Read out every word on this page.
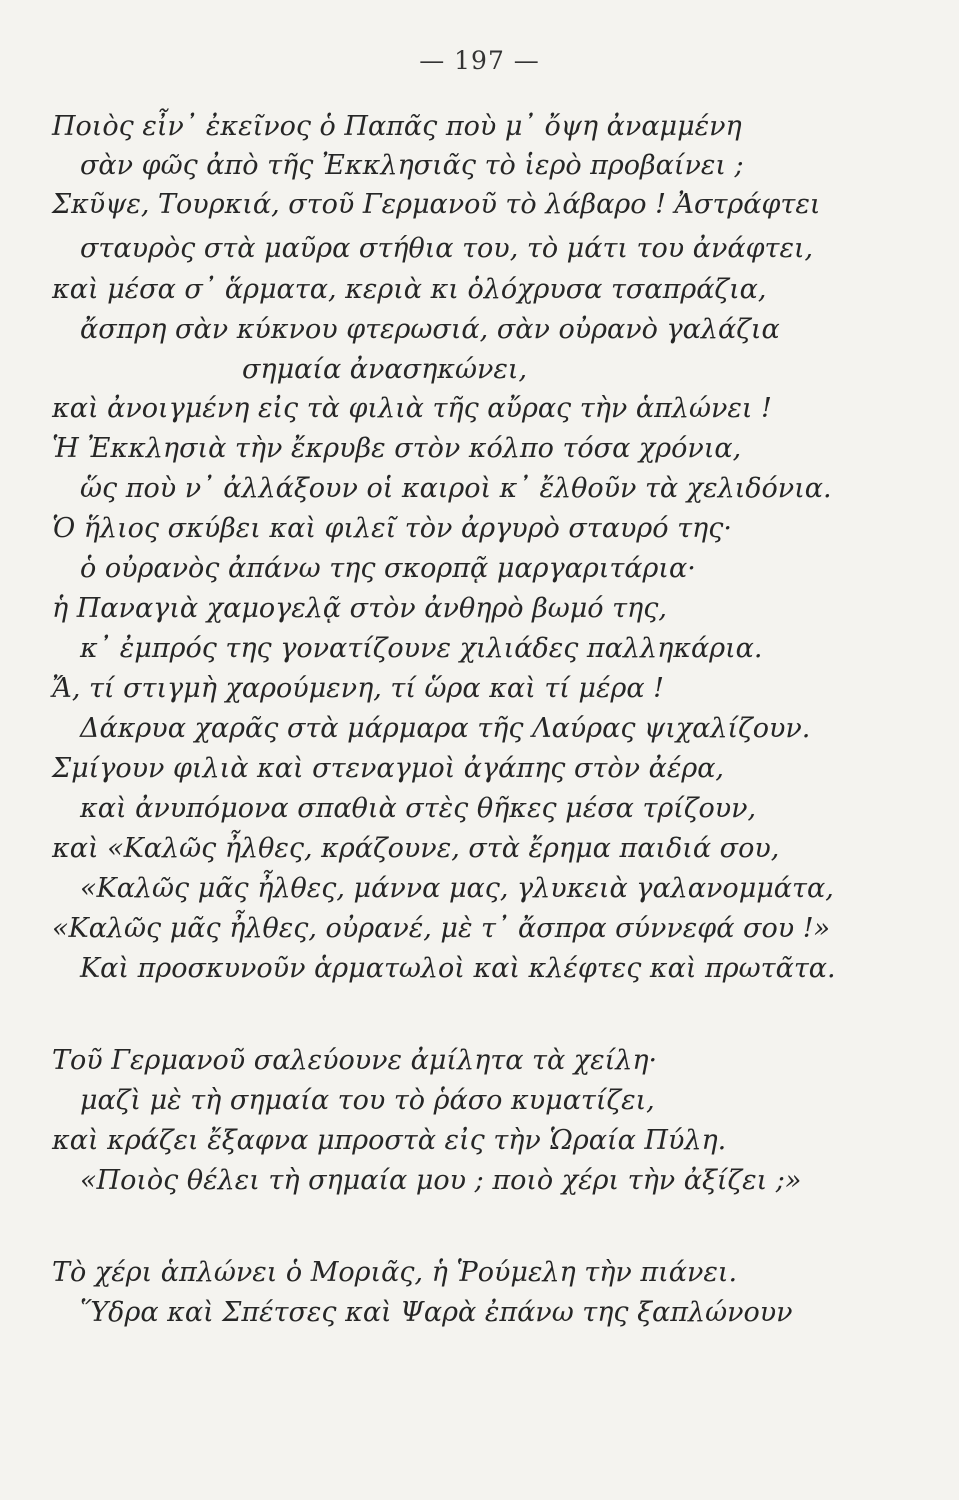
— 197 —
Ποιὸς εἶν᾽ ἐκεῖνος ὁ Παπᾶς ποὺ μ᾽ ὄψη ἀναμμένη
σὰν φῶς ἀπὸ τῆς Ἐκκλησιᾶς τὸ ἱερὸ προβαίνει ;
Σκῦψε, Τουρκιά, στοῦ Γερμανοῦ τὸ λάβαρο ! Ἀστράφτει
σταυρὸς στὰ μαῦρα στήθια του, τὸ μάτι του ἀνάφτει,
καὶ μέσα σ᾽ ἅρματα, κεριὰ κι ὁλόχρυσα τσαπράζια,
ἄσπρη σὰν κύκνου φτερωσιά, σὰν οὐρανὸ γαλάζια
σημαία ἀνασηκώνει,
καὶ ἀνοιγμένη εἰς τὰ φιλιὰ τῆς αὔρας τὴν ἁπλώνει !
Ἡ Ἐκκλησιὰ τὴν ἔκρυβε στὸν κόλπο τόσα χρόνια,
ὥς ποὺ ν᾽ ἀλλάξουν οἱ καιροὶ κ᾽ ἔλθοῦν τὰ χελιδόνια.
Ὁ ἥλιος σκύβει καὶ φιλεῖ τὸν ἀργυρὸ σταυρό της·
ὁ οὐρανὸς ἀπάνω της σκορπᾷ μαργαριτάρια·
ἡ Παναγιὰ χαμογελᾷ στὸν ἀνθηρὸ βωμό της,
κ᾽ ἐμπρός της γονατίζουνε χιλιάδες παλληκάρια.
Ἄ, τί στιγμὴ χαρούμενη, τί ὥρα καὶ τί μέρα !
Δάκρυα χαρᾶς στὰ μάρμαρα τῆς Λαύρας ψιχαλίζουν.
Σμίγουν φιλιὰ καὶ στεναγμοὶ ἀγάπης στὸν ἀέρα,
καὶ ἀνυπόμονα σπαθιὰ στὲς θῆκες μέσα τρίζουν,
καὶ «Καλῶς ἦλθες, κράζουνε, στὰ ἔρημα παιδιά σου,
«Καλῶς μᾶς ἦλθες, μάννα μας, γλυκειὰ γαλανομμάτα,
«Καλῶς μᾶς ἦλθες, οὐρανέ, μὲ τ᾽ ἄσπρα σύννεφά σου !»
Καὶ προσκυνοῦν ἁρματωλοὶ καὶ κλέφτες καὶ πρωτᾶτα.
Τοῦ Γερμανοῦ σαλεύουνε ἀμίλητα τὰ χείλη·
μαζὶ μὲ τὴ σημαία του τὸ ῥάσο κυματίζει,
καὶ κράζει ἔξαφνα μπροστὰ εἰς τὴν Ὡραία Πύλη.
«Ποιὸς θέλει τὴ σημαία μου ; ποιὸ χέρι τὴν ἀξίζει ;»
Τὸ χέρι ἁπλώνει ὁ Μοριᾶς, ἡ Ῥούμελη τὴν πιάνει.
Ὕδρα καὶ Σπέτσες καὶ Ψαρὰ ἐπάνω της ξαπλώνουν
